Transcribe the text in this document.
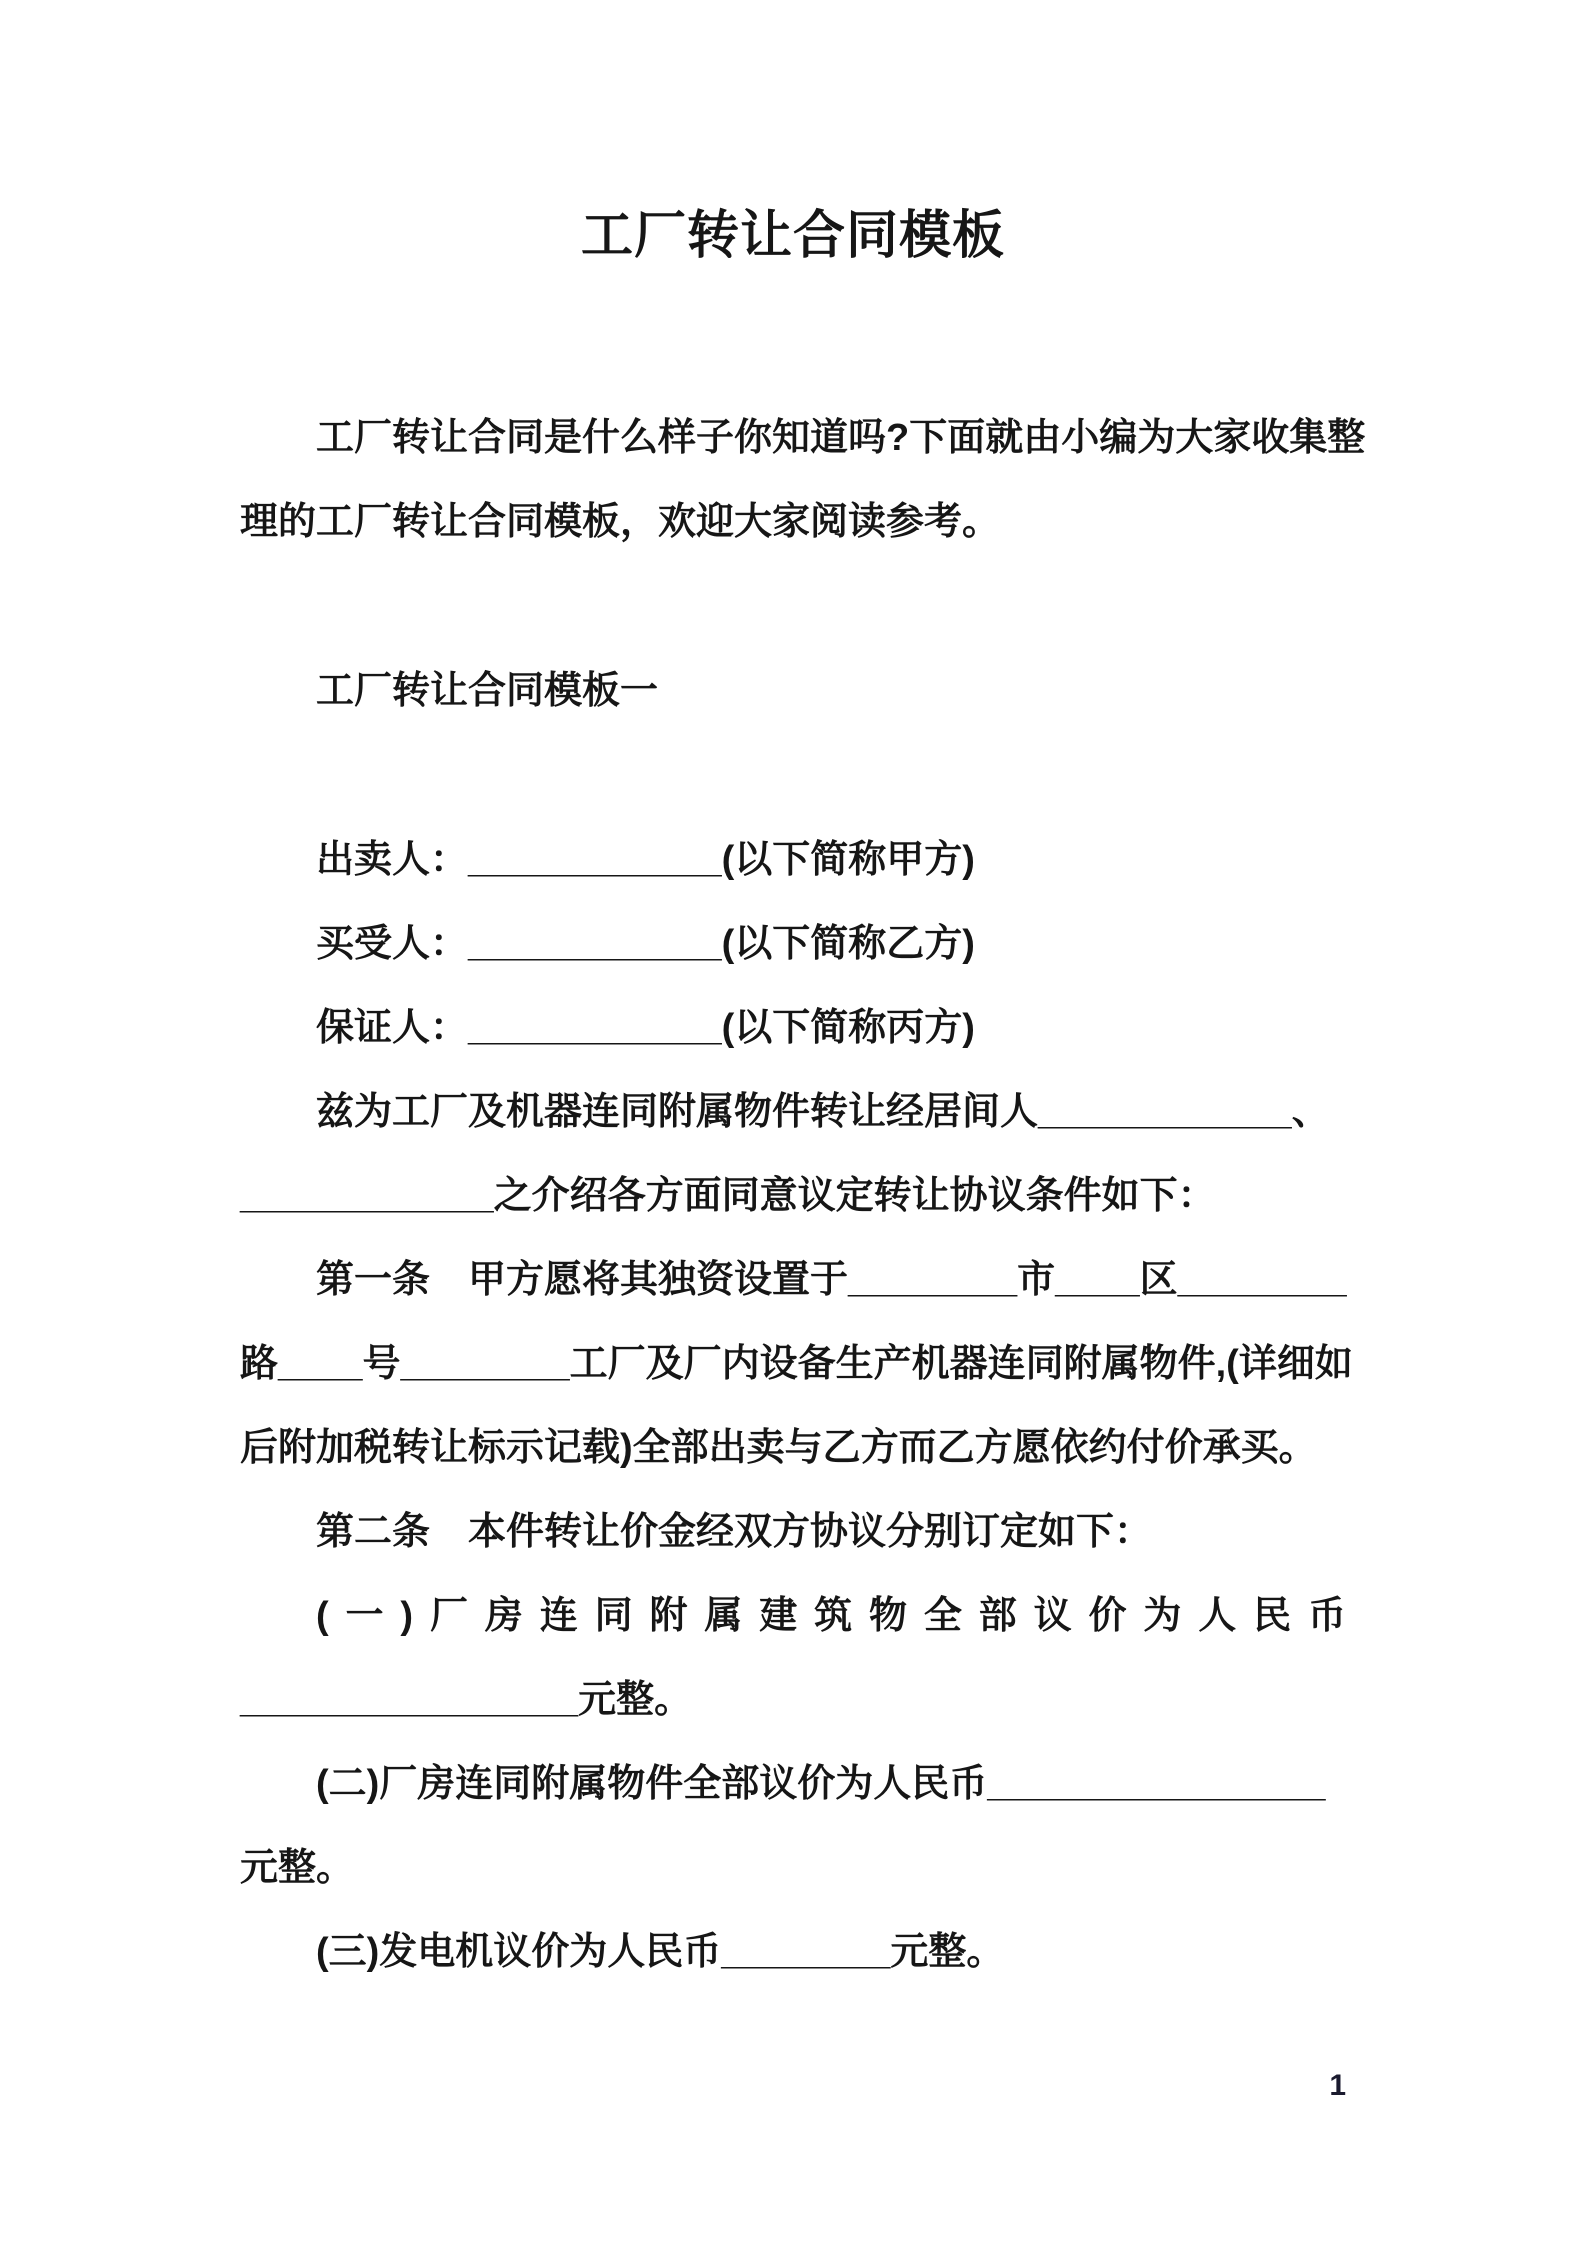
工厂转让合同模板
工厂转让合同是什么样子你知道吗?下面就由小编为大家收集整
理的工厂转让合同模板，欢迎大家阅读参考。
工厂转让合同模板一
出卖人：____________(以下简称甲方)
买受人：____________(以下简称乙方)
保证人：____________(以下简称丙方)
兹为工厂及机器连同附属物件转让经居间人____________、
____________之介绍各方面同意议定转让协议条件如下：
第一条　甲方愿将其独资设置于________市____区________
路____号________工厂及厂内设备生产机器连同附属物件,(详细如
后附加税转让标示记载)全部出卖与乙方而乙方愿依约付价承买。
第二条　本件转让价金经双方协议分别订定如下：
(一)厂房连同附属建筑物全部议价为人民币
________________元整。
(二)厂房连同附属物件全部议价为人民币________________
元整。
(三)发电机议价为人民币________元整。
1
